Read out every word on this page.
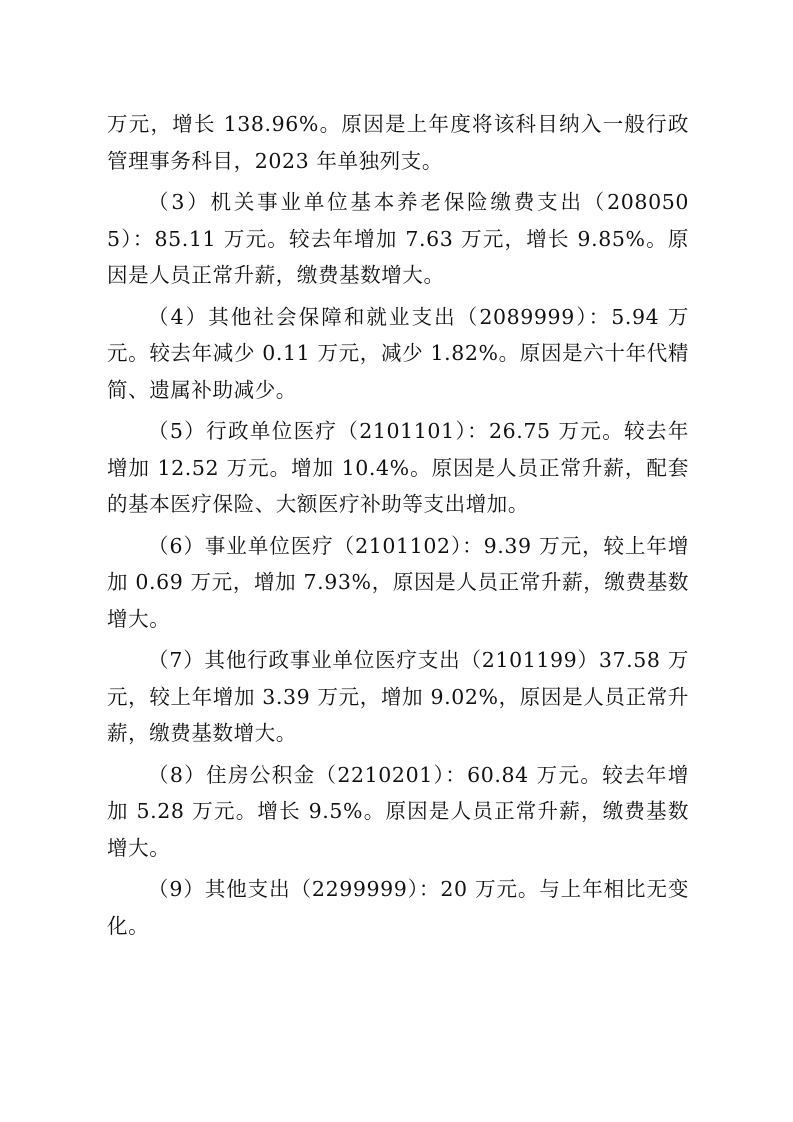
万元，增长 138.96%。原因是上年度将该科目纳入一般行政管理事务科目，2023 年单独列支。

（3）机关事业单位基本养老保险缴费支出（2080505）：85.11 万元。较去年增加 7.63 万元，增长 9.85%。原因是人员正常升薪，缴费基数增大。

（4）其他社会保障和就业支出（2089999）：5.94 万元。较去年减少 0.11 万元，减少 1.82%。原因是六十年代精简、遗属补助减少。

（5）行政单位医疗（2101101）：26.75 万元。较去年增加 12.52 万元。增加 10.4%。原因是人员正常升薪，配套的基本医疗保险、大额医疗补助等支出增加。

（6）事业单位医疗（2101102）：9.39 万元，较上年增加 0.69 万元，增加 7.93%，原因是人员正常升薪，缴费基数增大。

（7）其他行政事业单位医疗支出（2101199）37.58 万元，较上年增加 3.39 万元，增加 9.02%，原因是人员正常升薪，缴费基数增大。

（8）住房公积金（2210201）：60.84 万元。较去年增加 5.28 万元。增长 9.5%。原因是人员正常升薪，缴费基数增大。

（9）其他支出（2299999）：20 万元。与上年相比无变化。
